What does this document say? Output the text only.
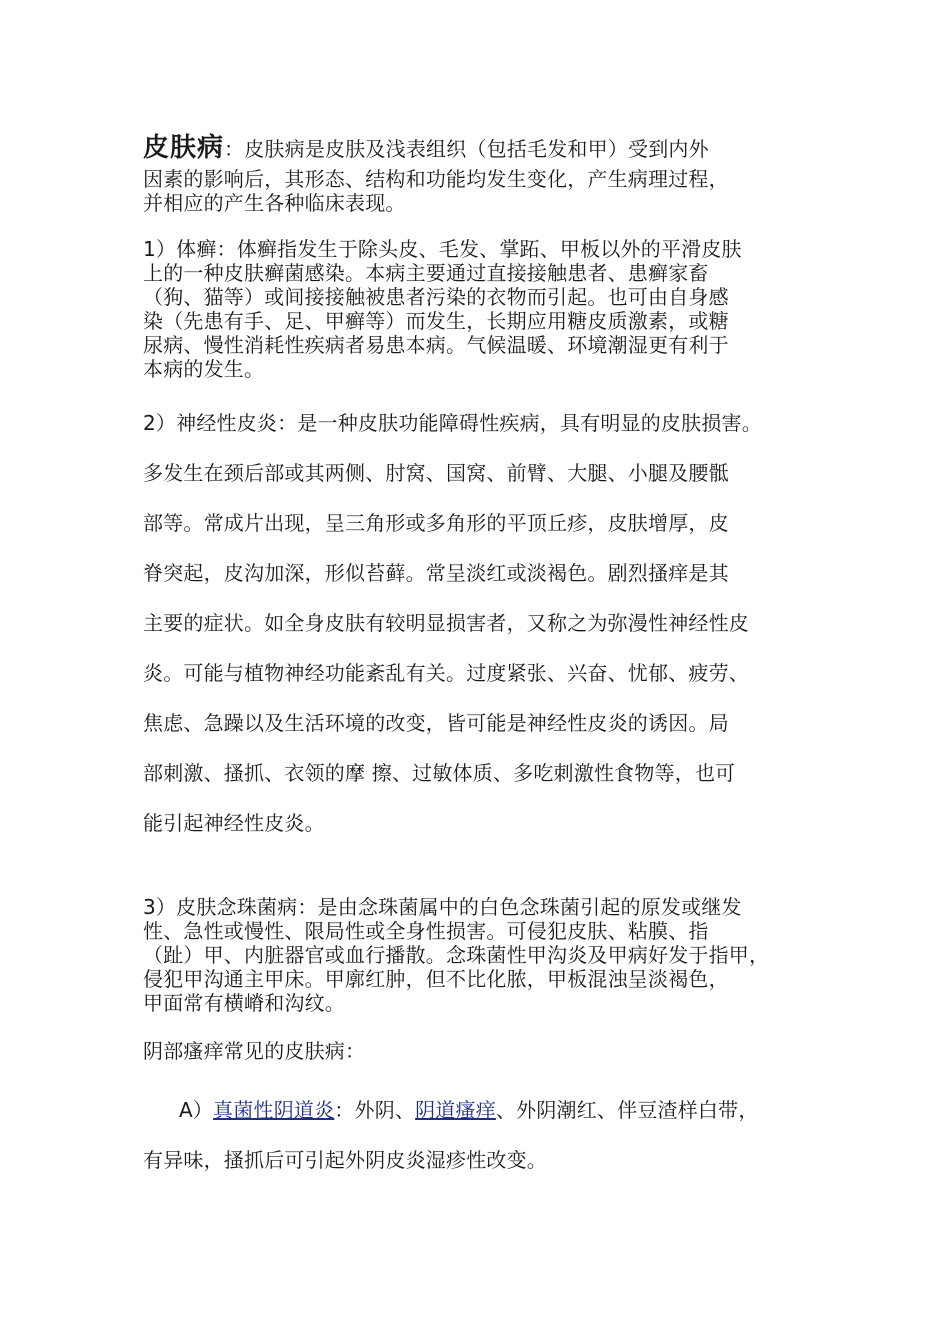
皮肤病：皮肤病是皮肤及浅表组织（包括毛发和甲）受到内外
因素的影响后，其形态、结构和功能均发生变化，产生病理过程，
并相应的产生各种临床表现。

1）体癣：体癣指发生于除头皮、毛发、掌跖、甲板以外的平滑皮肤
上的一种皮肤癣菌感染。本病主要通过直接接触患者、患癣家畜
（狗、猫等）或间接接触被患者污染的衣物而引起。也可由自身感
染（先患有手、足、甲癣等）而发生，长期应用糖皮质激素，或糖
尿病、慢性消耗性疾病者易患本病。气候温暖、环境潮湿更有利于
本病的发生。

2）神经性皮炎：是一种皮肤功能障碍性疾病，具有明显的皮肤损害。
多发生在颈后部或其两侧、肘窝、国窝、前臂、大腿、小腿及腰骶
部等。常成片出现，呈三角形或多角形的平顶丘疹，皮肤增厚，皮
脊突起，皮沟加深，形似苔藓。常呈淡红或淡褐色。剧烈搔痒是其
主要的症状。如全身皮肤有较明显损害者，又称之为弥漫性神经性皮
炎。可能与植物神经功能紊乱有关。过度紧张、兴奋、忧郁、疲劳、
焦虑、急躁以及生活环境的改变，皆可能是神经性皮炎的诱因。局
部刺激、搔抓、衣领的摩 擦、过敏体质、多吃刺激性食物等，也可
能引起神经性皮炎。

3）皮肤念珠菌病：是由念珠菌属中的白色念珠菌引起的原发或继发
性、急性或慢性、限局性或全身性损害。可侵犯皮肤、粘膜、指
（趾）甲、内脏器官或血行播散。念珠菌性甲沟炎及甲病好发于指甲，
侵犯甲沟通主甲床。甲廓红肿，但不比化脓，甲板混浊呈淡褐色，
甲面常有横嵴和沟纹。

阴部瘙痒常见的皮肤病：

A）真菌性阴道炎：外阴、阴道瘙痒、外阴潮红、伴豆渣样白带，
有异味，搔抓后可引起外阴皮炎湿疹性改变。
